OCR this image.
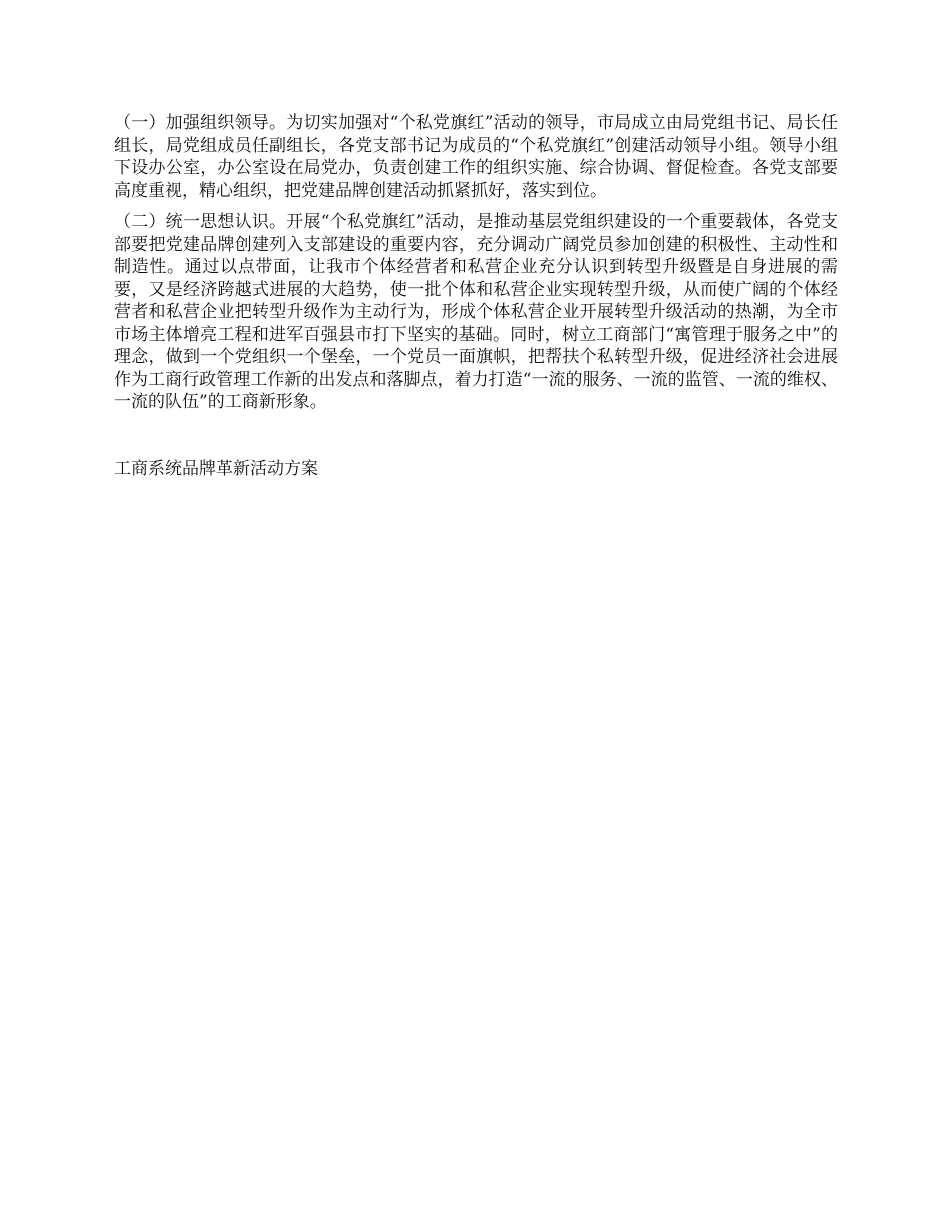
（一）加强组织领导。为切实加强对“个私党旗红”活动的领导，市局成立由局党组书记、局长任组长，局党组成员任副组长，各党支部书记为成员的“个私党旗红”创建活动领导小组。领导小组下设办公室，办公室设在局党办，负责创建工作的组织实施、综合协调、督促检查。各党支部要高度重视，精心组织，把党建品牌创建活动抓紧抓好，落实到位。

（二）统一思想认识。开展“个私党旗红”活动，是推动基层党组织建设的一个重要载体，各党支部要把党建品牌创建列入支部建设的重要内容，充分调动广阔党员参加创建的积极性、主动性和制造性。通过以点带面，让我市个体经营者和私营企业充分认识到转型升级暨是自身进展的需要，又是经济跨越式进展的大趋势，使一批个体和私营企业实现转型升级，从而使广阔的个体经营者和私营企业把转型升级作为主动行为，形成个体私营企业开展转型升级活动的热潮，为全市市场主体增亮工程和进军百强县市打下坚实的基础。同时，树立工商部门“寓管理于服务之中”的理念，做到一个党组织一个堡垒，一个党员一面旗帜，把帮扶个私转型升级，促进经济社会进展作为工商行政管理工作新的出发点和落脚点，着力打造“一流的服务、一流的监管、一流的维权、一流的队伍”的工商新形象。

工商系统品牌革新活动方案
